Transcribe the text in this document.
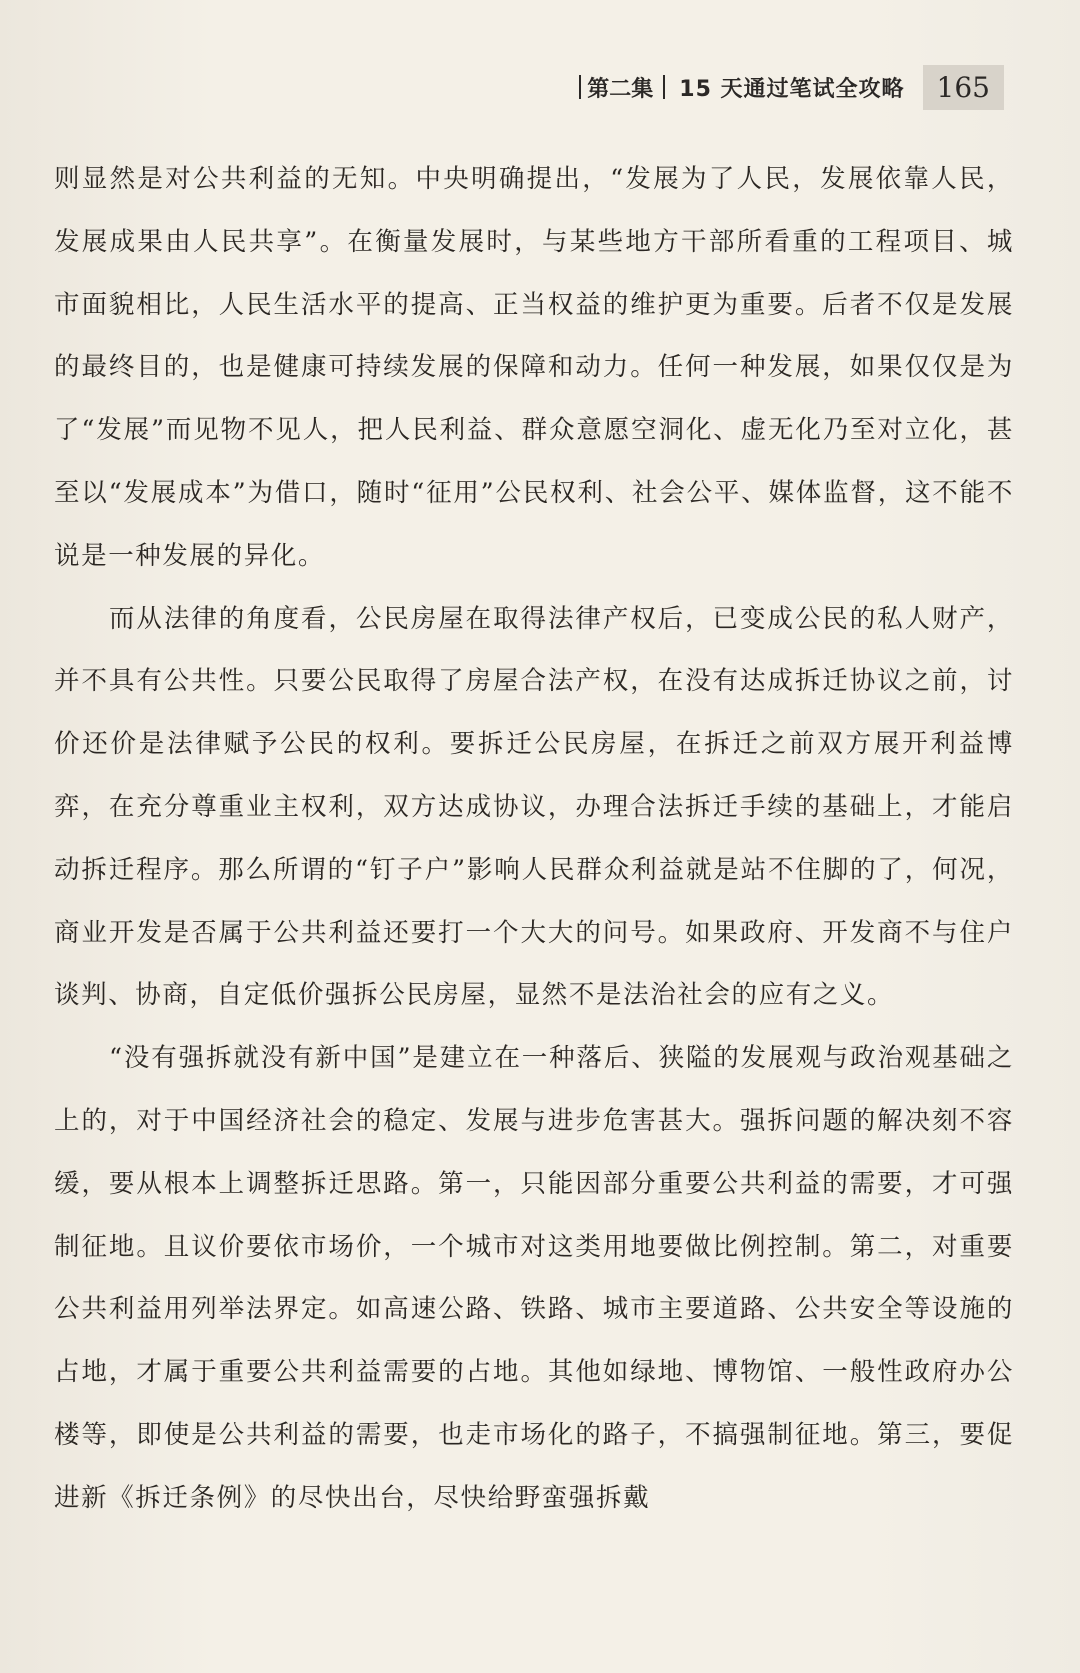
第二集 15 天通过笔试全攻略	165

则显然是对公共利益的无知。中央明确提出，“发展为了人民，发展依靠人民，发展成果由人民共享”。在衡量发展时，与某些地方干部所看重的工程项目、城市面貌相比，人民生活水平的提高、正当权益的维护更为重要。后者不仅是发展的最终目的，也是健康可持续发展的保障和动力。任何一种发展，如果仅仅是为了“发展”而见物不见人，把人民利益、群众意愿空洞化、虚无化乃至对立化，甚至以“发展成本”为借口，随时“征用”公民权利、社会公平、媒体监督，这不能不说是一种发展的异化。

而从法律的角度看，公民房屋在取得法律产权后，已变成公民的私人财产，并不具有公共性。只要公民取得了房屋合法产权，在没有达成拆迁协议之前，讨价还价是法律赋予公民的权利。要拆迁公民房屋，在拆迁之前双方展开利益博弈，在充分尊重业主权利，双方达成协议，办理合法拆迁手续的基础上，才能启动拆迁程序。那么所谓的“钉子户”影响人民群众利益就是站不住脚的了，何况，商业开发是否属于公共利益还要打一个大大的问号。如果政府、开发商不与住户谈判、协商，自定低价强拆公民房屋，显然不是法治社会的应有之义。

“没有强拆就没有新中国”是建立在一种落后、狭隘的发展观与政治观基础之上的，对于中国经济社会的稳定、发展与进步危害甚大。强拆问题的解决刻不容缓，要从根本上调整拆迁思路。第一，只能因部分重要公共利益的需要，才可强制征地。且议价要依市场价，一个城市对这类用地要做比例控制。第二，对重要公共利益用列举法界定。如高速公路、铁路、城市主要道路、公共安全等设施的占地，才属于重要公共利益需要的占地。其他如绿地、博物馆、一般性政府办公楼等，即使是公共利益的需要，也走市场化的路子，不搞强制征地。第三，要促进新《拆迁条例》的尽快出台，尽快给野蛮强拆戴
